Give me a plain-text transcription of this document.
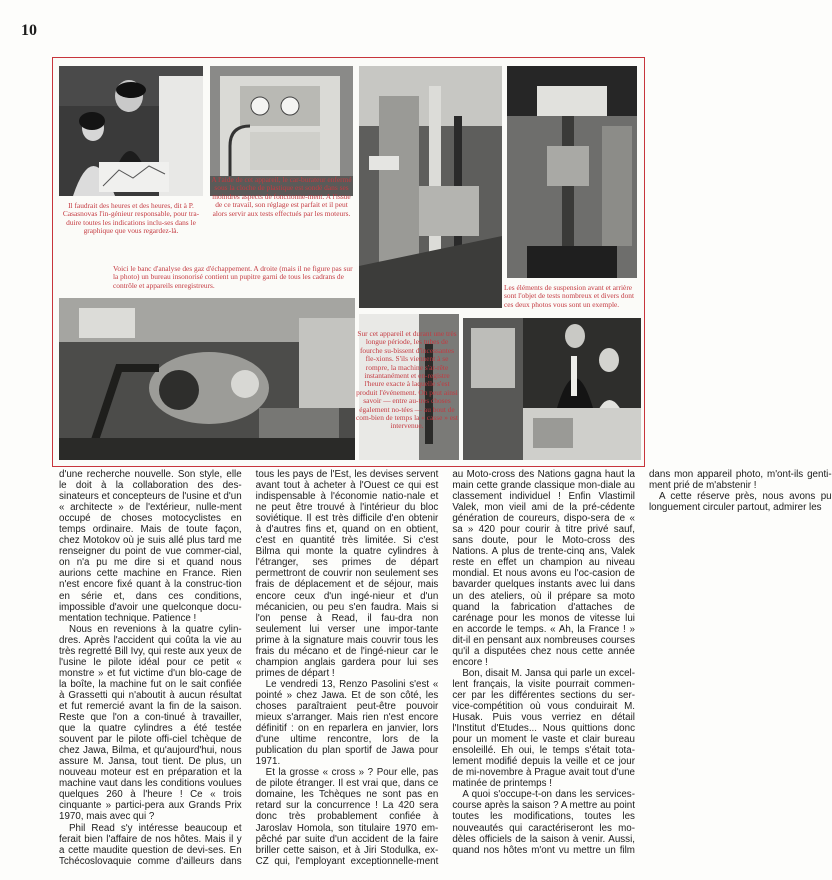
10

Il faudrait des heures et des heures, dit à P. Casasnovas l'in-génieur responsable, pour tra-duire toutes les indications inclu-ses dans le graphique que vous regardez-là.

A l'aide de cet appareil, le car-burateur enfermé sous la cloche de plastique est sondé dans ses moindres aspects de fonctionne-ment. A l'issue de ce travail, son réglage est parfait et il peut alors servir aux tests effectués par les moteurs.

Voici le banc d'analyse des gaz d'échappement. A droite (mais il ne figure pas sur la photo) un bureau insonorisé contient un pupitre garni de tous les cadrans de contrôle et appareils enregistreurs.	Les éléments de suspension avant et arrière sont l'objet de tests nombreux et divers dont ces deux photos vous sont un exemple.

Sur cet appareil et durant une très longue période, les tubes de fourche su-bissent d'incessantes fle-xions. S'ils viennent à se rompre, la machine s'ar-rête instantanément et en-registre l'heure exacte à laquelle s'est produit l'événement. On peut ainsi savoir — entre au-tres choses également no-tées — au bout de com-bien de temps la « casse » est intervenue.

d'une recherche nouvelle. Son style, elle le doit à la collaboration des des-sinateurs et concepteurs de l'usine et d'un « architecte » de l'extérieur, nulle-ment occupé de choses motocyclistes en temps ordinaire. Mais de toute façon, chez Motokov où je suis allé plus tard me renseigner du point de vue commer-cial, on n'a pu me dire si et quand nous aurions cette machine en France. Rien n'est encore fixé quant à la construc-tion en série et, dans ces conditions, impossible d'avoir une quelconque docu-mentation technique. Patience !

Nous en revenions à la quatre cylin-dres. Après l'accident qui coûta la vie au très regretté Bill Ivy, qui reste aux yeux de l'usine le pilote idéal pour ce petit « monstre » et fut victime d'un blo-cage de la boîte, la machine fut on le sait confiée à Grassetti qui n'aboutit à aucun résultat et fut remercié avant la fin de la saison. Reste que l'on a con-tinué à travailler, que la quatre cylindres a été testée souvent par le pilote offi-ciel tchèque de chez Jawa, Bilma, et qu'aujourd'hui, nous assure M. Jansa, tout tient. De plus, un nouveau moteur est en préparation et la machine vaut dans les conditions voulues quelques 260 à l'heure ! Ce « trois cinquante » partici-pera aux Grands Prix 1970, mais avec qui ?

Phil Read s'y intéresse beaucoup et ferait bien l'affaire de nos hôtes. Mais il y a cette maudite question de devi-ses. En Tchécoslovaquie comme d'ailleurs dans tous les pays de l'Est, les devises servent avant tout à acheter à l'Ouest ce qui est indispensable à l'économie natio-nale et ne peut être trouvé à l'intérieur du bloc soviétique. Il est très difficile d'en obtenir à d'autres fins et, quand on en obtient, c'est en quantité très limitée. Si c'est Bilma qui monte la quatre cylindres à l'étranger, ses primes de départ permettront de couvrir non seulement ses frais de déplacement et de séjour, mais encore ceux d'un ingé-nieur et d'un mécanicien, ou peu s'en faudra. Mais si l'on pense à Read, il fau-dra non seulement lui verser une impor-tante prime à la signature mais couvrir tous les frais du mécano et de l'ingé-nieur car le champion anglais gardera pour lui ses primes de départ !

Le vendredi 13, Renzo Pasolini s'est « pointé » chez Jawa. Et de son côté, les choses paraîtraient peut-être pouvoir mieux s'arranger. Mais rien n'est encore définitif : on en reparlera en janvier, lors d'une ultime rencontre, lors de la publication du plan sportif de Jawa pour 1971.

Et la grosse « cross » ? Pour elle, pas de pilote étranger. Il est vrai que, dans ce domaine, les Tchèques ne sont pas en retard sur la concurrence ! La 420 sera donc très probablement confiée à Jaroslav Homola, son titulaire 1970 em-pêché par suite d'un accident de la faire briller cette saison, et à Jiri Stodulka, ex-CZ qui, l'employant exceptionnelle-ment au Moto-cross des Nations gagna haut la main cette grande classique mon-diale au classement individuel ! Enfin Vlastimil Valek, mon vieil ami de la pré-cédente génération de coureurs, dispo-sera de « sa » 420 pour courir à titre privé sauf, sans doute, pour le Moto-cross des Nations. A plus de trente-cinq ans, Valek reste en effet un champion au niveau mondial. Et nous avons eu l'oc-casion de bavarder quelques instants avec lui dans un des ateliers, où il prépare sa moto quand la fabrication d'attaches de carénage pour les monos de vitesse lui en accorde le temps. « Ah, la France ! » dit-il en pensant aux nombreuses courses qu'il a disputées chez nous cette année encore !

Bon, disait M. Jansa qui parle un excel-lent français, la visite pourrait commen-cer par les différentes sections du ser-vice-compétition où vous conduirait M. Husak. Puis vous verriez en détail l'Institut d'Etudes... Nous quittions donc pour un moment le vaste et clair bureau ensoleillé. Eh oui, le temps s'était tota-lement modifié depuis la veille et ce jour de mi-novembre à Prague avait tout d'une matinée de printemps !

A quoi s'occupe-t-on dans les services-course après la saison ? A mettre au point toutes les modifications, toutes les nouveautés qui caractériseront les mo-dèles officiels de la saison à venir. Aussi, quand nos hôtes m'ont vu mettre un film dans mon appareil photo, m'ont-ils genti-ment prié de m'abstenir !

A cette réserve près, nous avons pu longuement circuler partout, admirer les
